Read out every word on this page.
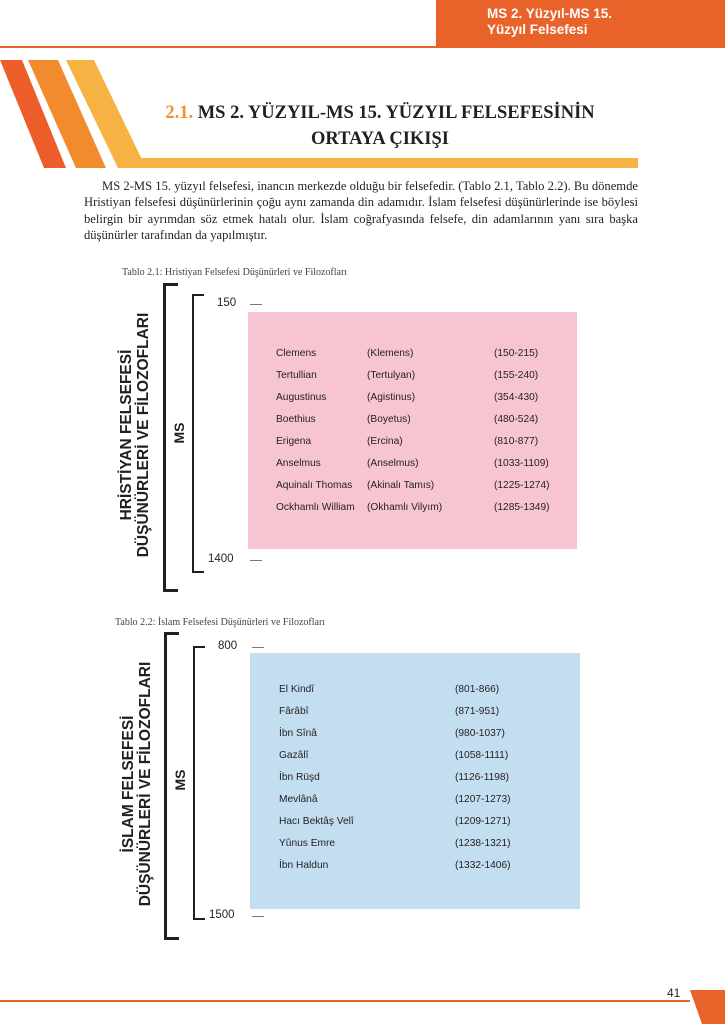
MS 2. Yüzyıl-MS 15.
Yüzyıl Felsefesi
2.1. MS 2. YÜZYIL-MS 15. YÜZYIL FELSEFESİNİN
ORTAYA ÇIKIŞI

MS 2-MS 15. yüzyıl felsefesi, inancın merkezde olduğu bir felsefedir. (Tablo 2.1, Tablo 2.2). Bu dönemde Hristiyan felsefesi düşünürlerinin çoğu aynı zamanda din adamıdır. İslam felsefesi düşünürlerinde ise böylesi belirgin bir ayrımdan söz etmek hatalı olur. İslam coğrafyasında felsefe, din adamlarının yanı sıra başka düşünürler tarafından da yapılmıştır.

Tablo 2.1: Hristiyan Felsefesi Düşünürleri ve Filozofları
HRİSTİYAN FELSEFESİ DÜŞÜNÜRLERİ VE FİLOZOFLARI MS
150
1400
Clemens	(Klemens)	(150-215)
Tertullian	(Tertulyan)	(155-240)
Augustinus	(Agistinus)	(354-430)
Boethius	(Boyetus)	(480-524)
Erigena	(Ercina)	(810-877)
Anselmus	(Anselmus)	(1033-1109)
Aquinalı Thomas (Akinalı Tamıs)	(1225-1274)
Ockhamlı William (Okhamlı Vilyım)	(1285-1349)
Tablo 2.2: İslam Felsefesi Düşünürleri ve Filozofları
İSLAM FELSEFESİ DÜŞÜNÜRLERİ VE FİLOZOFLARI MS
800
1500
El Kindî	(801-866)
Fârâbî	(871-951)
İbn Sînâ	(980-1037)
Gazâlî	(1058-1111)
İbn Rüşd	(1126-1198)
Mevlânâ	(1207-1273)
Hacı Bektâş Velî	(1209-1271)
Yûnus Emre	(1238-1321)
İbn Haldun	(1332-1406)
41
